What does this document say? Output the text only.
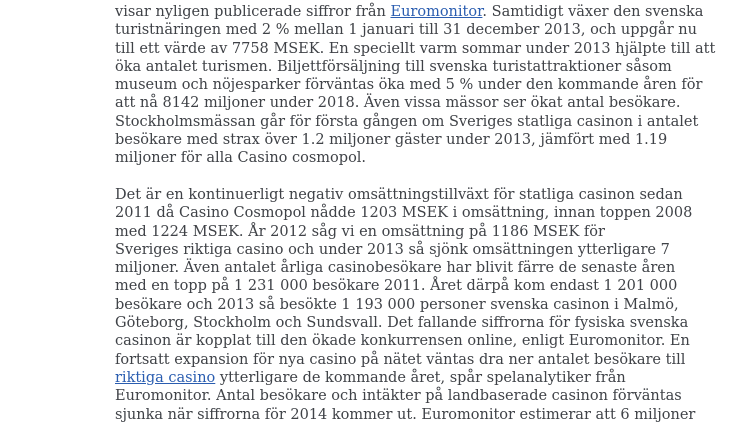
visar nyligen publicerade siffror från Euromonitor. Samtidigt växer den svenska
turistnäringen med 2 % mellan 1 januari till 31 december 2013, och uppgår nu
till ett värde av 7758 MSEK. En speciellt varm sommar under 2013 hjälpte till att
öka antalet turismen. Biljettförsäljning till svenska turistattraktioner såsom
museum och nöjesparker förväntas öka med 5 % under den kommande åren för
att nå 8142 miljoner under 2018. Även vissa mässor ser ökat antal besökare.
Stockholmsmässan går för första gången om Sveriges statliga casinon i antalet
besökare med strax över 1.2 miljoner gäster under 2013, jämfört med 1.19
miljoner för alla Casino cosmopol.
Det är en kontinuerligt negativ omsättningstillväxt för statliga casinon sedan
2011 då Casino Cosmopol nådde 1203 MSEK i omsättning, innan toppen 2008
med 1224 MSEK. År 2012 såg vi en omsättning på 1186 MSEK för
Sveriges riktiga casino och under 2013 så sjönk omsättningen ytterligare 7
miljoner. Även antalet årliga casinobesökare har blivit färre de senaste åren
med en topp på 1 231 000 besökare 2011. Året därpå kom endast 1 201 000
besökare och 2013 så besökte 1 193 000 personer svenska casinon i Malmö,
Göteborg, Stockholm och Sundsvall. Det fallande siffrorna för fysiska svenska
casinon är kopplat till den ökade konkurrensen online, enligt Euromonitor. En
fortsatt expansion för nya casino på nätet väntas dra ner antalet besökare till
riktiga casino ytterligare de kommande året, spår spelanalytiker från
Euromonitor. Antal besökare och intäkter på landbaserade casinon förväntas
sjunka när siffrorna för 2014 kommer ut. Euromonitor estimerar att 6 miljoner
